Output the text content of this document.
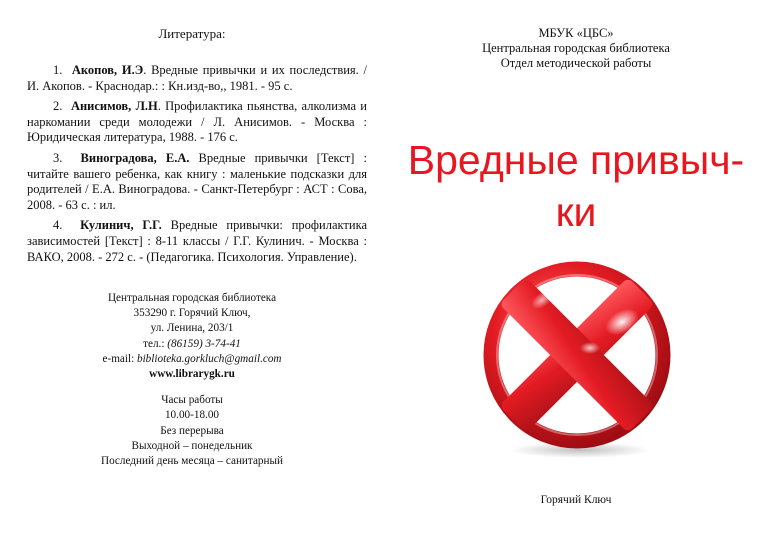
Литература:

1. Акопов, И.Э. Вредные привычки и их последствия. / И. Акопов. - Краснодар.: : Кн.изд-во,, 1981. - 95 с.

2. Анисимов, Л.Н. Профилактика пьянства, алколизма и наркомании среди молодежи / Л. Анисимов. - Москва : Юридическая литература, 1988. - 176 с.

3. Виноградова, Е.А. Вредные привычки [Текст] : читайте вашего ребенка, как книгу : маленькие подсказки для родителей / Е.А. Виноградова. - Санкт-Петербург : АСТ : Сова, 2008. - 63 с. : ил.

4. Кулинич, Г.Г. Вредные привычки: профилактика зависимостей [Текст] : 8-11 классы / Г.Г. Кулинич. - Москва : ВАКО, 2008. - 272 с. - (Педагогика. Психология. Управление).

Центральная городская библиотека
353290 г. Горячий Ключ,
ул. Ленина, 203/1
тел.: (86159) 3-74-41
e-mail: biblioteka.gorkluch@gmail.com
www.librarygk.ru
Часы работы
10.00-18.00
Без перерыва
Выходной – понедельник
Последний день месяца – санитарный
МБУК «ЦБС»
Центральная городская библиотека
Отдел методической работы
Вредные привыч-
ки
Горячий Ключ
